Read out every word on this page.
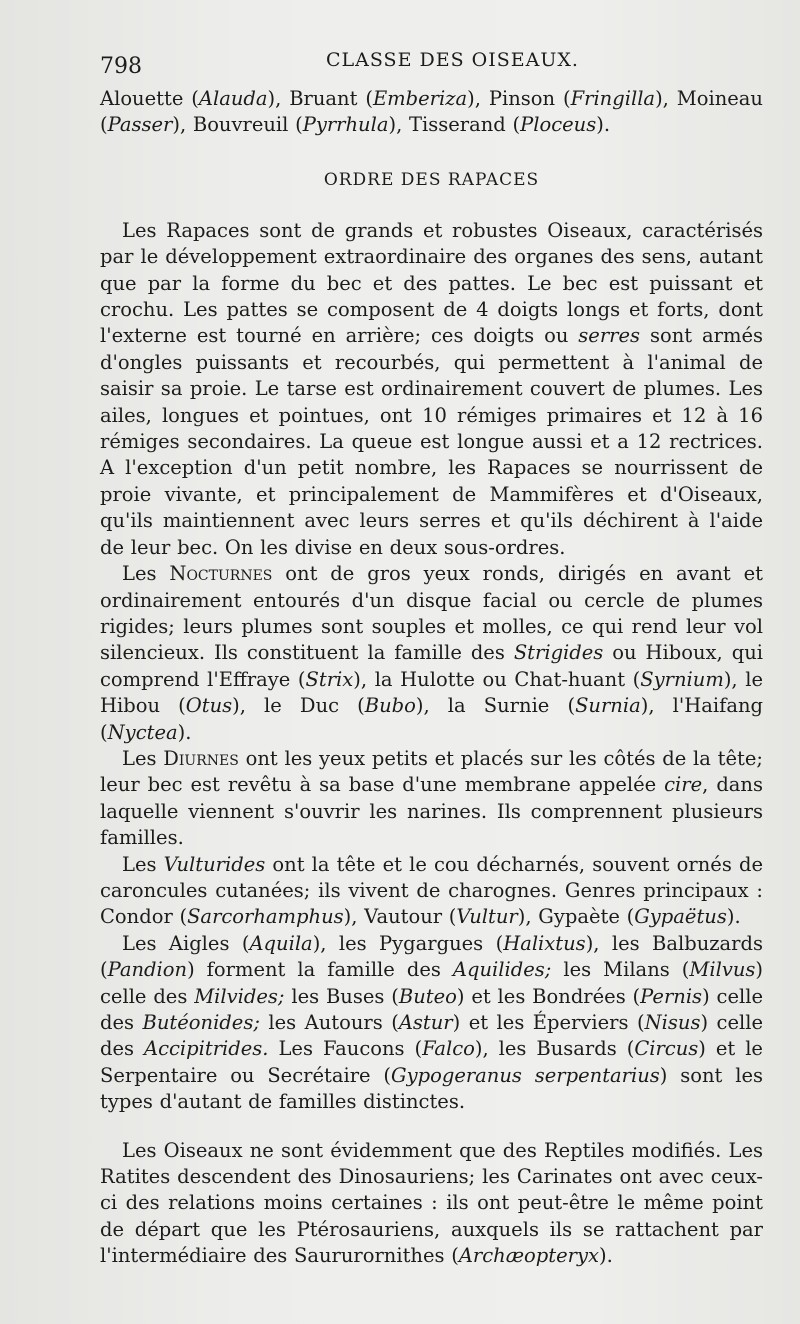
798	CLASSE DES OISEAUX.

Alouette (Alauda), Bruant (Emberiza), Pinson (Fringilla), Moineau (Passer), Bouvreuil (Pyrrhula), Tisserand (Ploceus).

ORDRE DES RAPACES

Les Rapaces sont de grands et robustes Oiseaux, caractérisés par le développement extraordinaire des organes des sens, autant que par la forme du bec et des pattes. Le bec est puissant et crochu. Les pattes se composent de 4 doigts longs et forts, dont l'externe est tourné en arrière; ces doigts ou serres sont armés d'ongles puissants et recourbés, qui permettent à l'animal de saisir sa proie. Le tarse est ordinairement couvert de plumes. Les ailes, longues et pointues, ont 10 rémiges primaires et 12 à 16 rémiges secondaires. La queue est longue aussi et a 12 rectrices. A l'exception d'un petit nombre, les Rapaces se nourrissent de proie vivante, et principalement de Mammifères et d'Oiseaux, qu'ils maintiennent avec leurs serres et qu'ils déchirent à l'aide de leur bec. On les divise en deux sous-ordres.

Les Nocturnes ont de gros yeux ronds, dirigés en avant et ordinairement entourés d'un disque facial ou cercle de plumes rigides; leurs plumes sont souples et molles, ce qui rend leur vol silencieux. Ils constituent la famille des Strigides ou Hiboux, qui comprend l'Effraye (Strix), la Hulotte ou Chat-huant (Syrnium), le Hibou (Otus), le Duc (Bubo), la Surnie (Surnia), l'Haifang (Nyctea).

Les Diurnes ont les yeux petits et placés sur les côtés de la tête; leur bec est revêtu à sa base d'une membrane appelée cire, dans laquelle viennent s'ouvrir les narines. Ils comprennent plusieurs familles.

Les Vulturides ont la tête et le cou décharnés, souvent ornés de caroncules cutanées; ils vivent de charognes. Genres principaux : Condor (Sarcorhamphus), Vautour (Vultur), Gypaète (Gypaëtus).

Les Aigles (Aquila), les Pygargues (Halixtus), les Balbuzards (Pandion) forment la famille des Aquilides; les Milans (Milvus) celle des Milvides; les Buses (Buteo) et les Bondrées (Pernis) celle des Butéonides; les Autours (Astur) et les Éperviers (Nisus) celle des Accipitrides. Les Faucons (Falco), les Busards (Circus) et le Serpentaire ou Secrétaire (Gypogeranus serpentarius) sont les types d'autant de familles distinctes.

Les Oiseaux ne sont évidemment que des Reptiles modifiés. Les Ratites descendent des Dinosauriens; les Carinates ont avec ceux-ci des relations moins certaines : ils ont peut-être le même point de départ que les Ptérosauriens, auxquels ils se rattachent par l'intermédiaire des Saururornithes (Archæopteryx).
